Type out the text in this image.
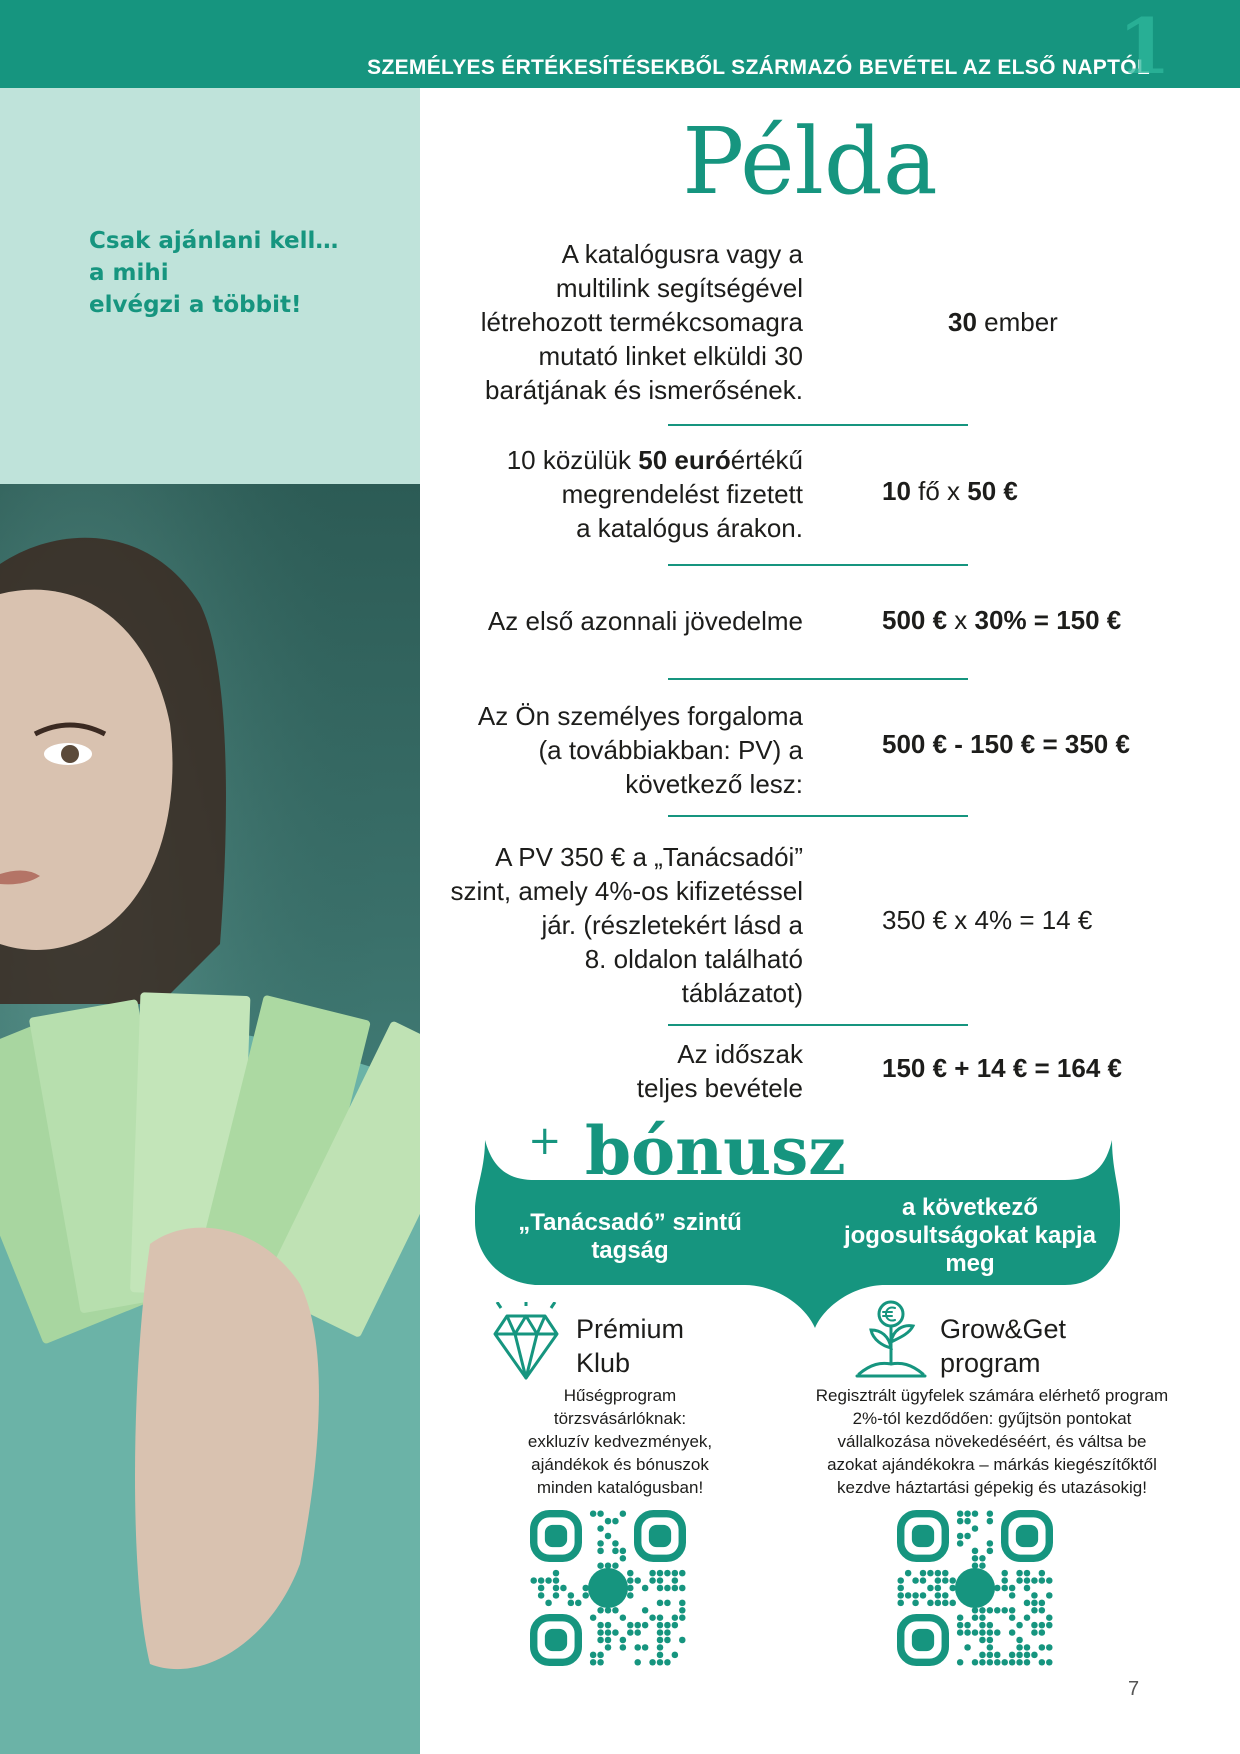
SZEMÉLYES ÉRTÉKESÍTÉSEKBŐL SZÁRMAZÓ BEVÉTEL AZ ELSŐ NAPTÓL
1
Csak ajánlani kell…
a mihi
elvégzi a többit!
Példa
A katalógusra vagy a
multilink segítségével
létrehozott termékcsomagra
mutató linket elküldi 30
barátjának és ismerősének.
30 ember
10 közülük 50 euróértékű
megrendelést fizetett
a katalógus árakon.
10 fő x 50 €
Az első azonnali jövedelme	500 € x 30% = 150 €
Az Ön személyes forgaloma
(a továbbiakban: PV) a
következő lesz:
500 € - 150 € = 350 €
A PV 350 € a „Tanácsadói”
szint, amely 4%-os kifizetéssel
jár. (részletekért lásd a
8. oldalon található
táblázatot)
350 € x 4% = 14 €
Az időszak
teljes bevétele
150 € + 14 € = 164 €
+ bónusz
„Tanácsadó” szintű
tagság
a következő
jogosultságokat kapja
meg
Prémium
Klub
Hűségprogram
törzsvásárlóknak:
exkluzív kedvezmények,
ajándékok és bónuszok
minden katalógusban!
Grow&Get
program
Regisztrált ügyfelek számára elérhető program
2%-tól kezdődően: gyűjtsön pontokat
vállalkozása növekedéséért, és váltsa be
azokat ajándékokra – márkás kiegészítőktől
kezdve háztartási gépekig és utazásokig!
7
